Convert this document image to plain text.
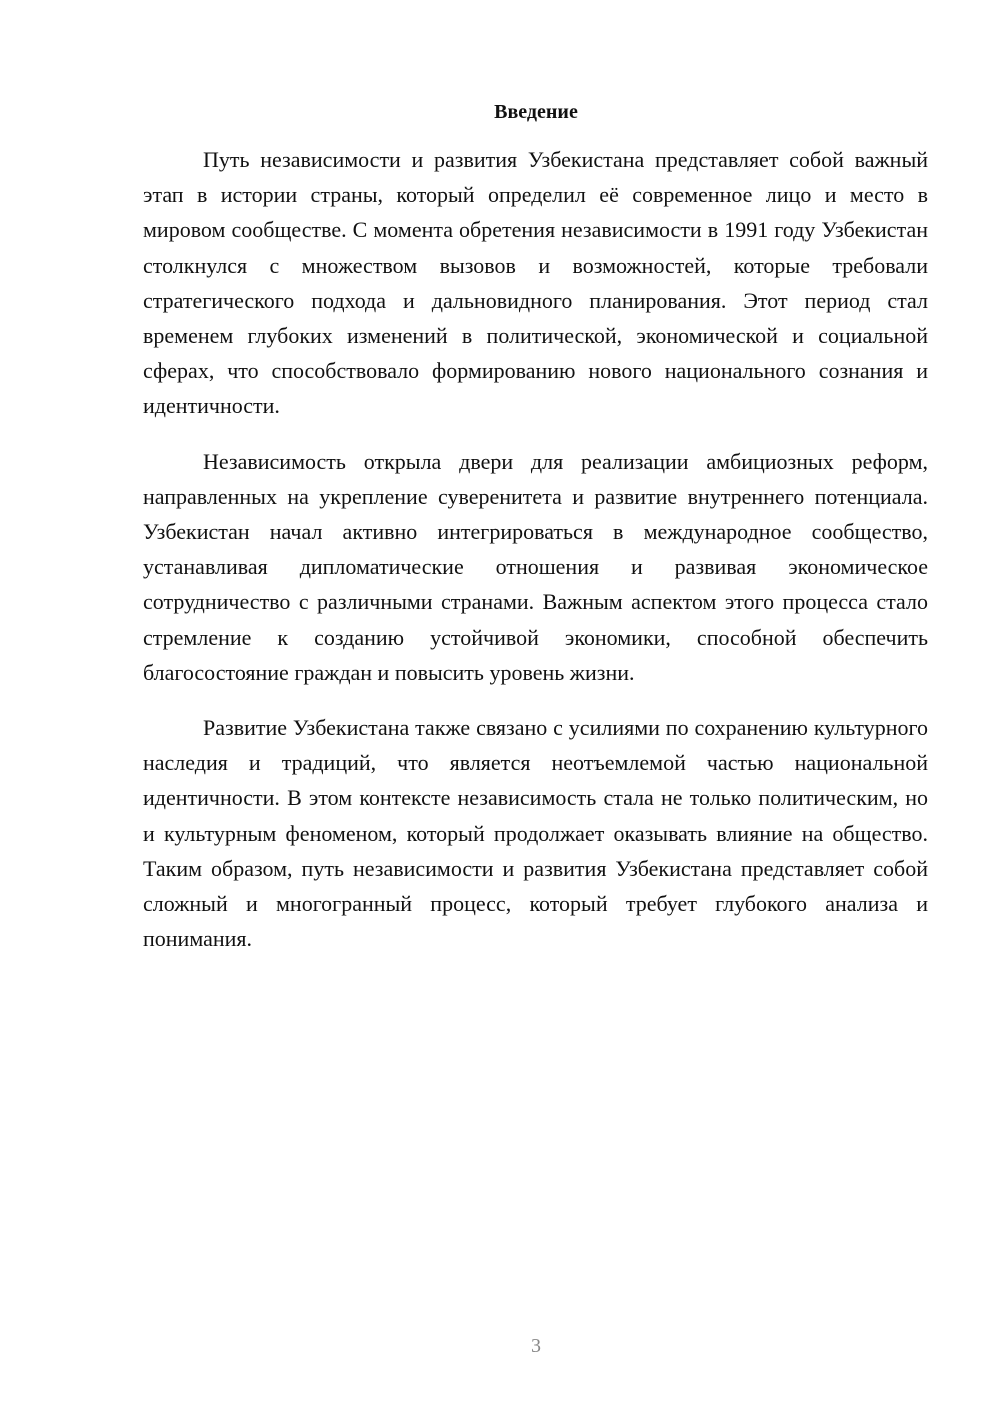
Введение

Путь независимости и развития Узбекистана представляет собой важный этап в истории страны, который определил её современное лицо и место в мировом сообществе. С момента обретения независимости в 1991 году Узбекистан столкнулся с множеством вызовов и возможностей, которые требовали стратегического подхода и дальновидного планирования. Этот период стал временем глубоких изменений в политической, экономической и социальной сферах, что способствовало формированию нового национального сознания и идентичности.

Независимость открыла двери для реализации амбициозных реформ, направленных на укрепление суверенитета и развитие внутреннего потенциала. Узбекистан начал активно интегрироваться в международное сообщество, устанавливая дипломатические отношения и развивая экономическое сотрудничество с различными странами. Важным аспектом этого процесса стало стремление к созданию устойчивой экономики, способной обеспечить благосостояние граждан и повысить уровень жизни.

Развитие Узбекистана также связано с усилиями по сохранению культурного наследия и традиций, что является неотъемлемой частью национальной идентичности. В этом контексте независимость стала не только политическим, но и культурным феноменом, который продолжает оказывать влияние на общество. Таким образом, путь независимости и развития Узбекистана представляет собой сложный и многогранный процесс, который требует глубокого анализа и понимания.

3
